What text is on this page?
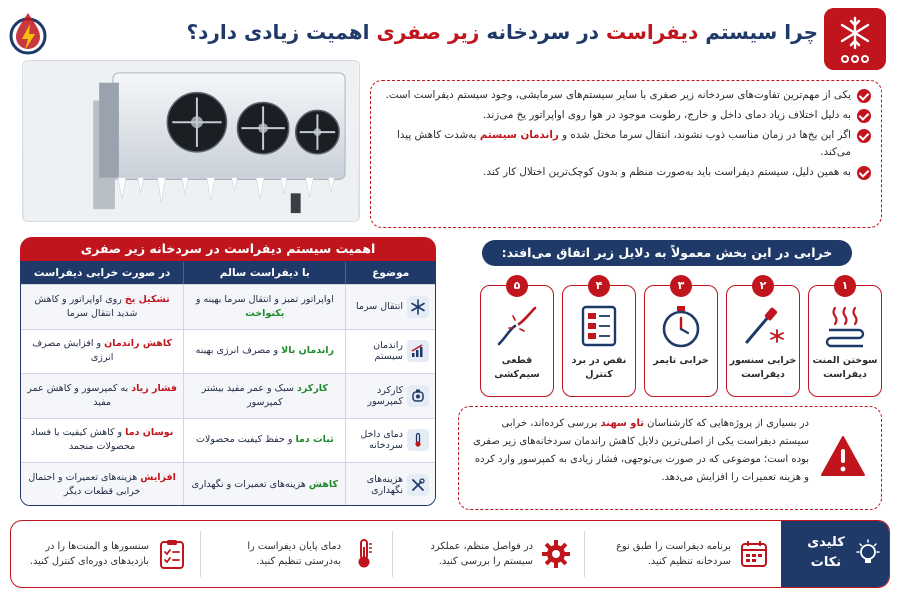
چرا سیستم دیفراست در سردخانه زیر صفری اهمیت زیادی دارد؟
یکی از مهم‌ترین تفاوت‌های سردخانه زیر صفری با سایر سیستم‌های سرمایشی، وجود سیستم دیفراست است.
به دلیل اختلاف زیاد دمای داخل و خارج، رطوبت موجود در هوا روی اواپراتور یخ می‌زند.
اگر این یخ‌ها در زمان مناسب ذوب نشوند، انتقال سرما مختل شده و راندمان سیستم به‌شدت کاهش پیدا می‌کند.
به همین دلیل، سیستم دیفراست باید به‌صورت منظم و بدون کوچک‌ترین اختلال کار کند.
اهمیت سیستم دیفراست در سردخانه زیر صفری
موضوع
با دیفراست سالم
در صورت خرابی دیفراست
انتقال سرما
اواپراتور تمیز و انتقال سرما بهینه و یکنواخت
تشکیل یخ روی اواپراتور و کاهش شدید انتقال سرما
راندمان سیستم
راندمان بالا و مصرف انرژی بهینه
کاهش راندمان و افزایش مصرف انرژی
کارکرد کمپرسور
کارکرد سبک و عمر مفید بیشتر کمپرسور
فشار زیاد به کمپرسور و کاهش عمر مفید
دمای داخل سردخانه
ثبات دما و حفظ کیفیت محصولات
نوسان دما و کاهش کیفیت یا فساد محصولات منجمد
هزینه‌های نگهداری
کاهش هزینه‌های تعمیرات و نگهداری
افزایش هزینه‌های تعمیرات و احتمال خرابی قطعات دیگر
خرابی در این بخش معمولاً به دلایل زیر اتفاق می‌افتد:
۱
سوختن المنت دیفراست
۲
خرابی سنسور دیفراست
۳
خرابی تایمر
۴
نقص در برد کنترل
۵
قطعی سیم‌کشی
در بسیاری از پروژه‌هایی که کارشناسان تاو سهند بررسی کرده‌اند، خرابی سیستم دیفراست یکی از اصلی‌ترین دلایل کاهش راندمان سردخانه‌های زیر صفری بوده است؛ موضوعی که در صورت بی‌توجهی، فشار زیادی به کمپرسور وارد کرده و هزینه تعمیرات را افزایش می‌دهد.
کلیدی نکات
برنامه دیفراست را طبق نوع سردخانه تنظیم کنید.
در فواصل منظم، عملکرد سیستم را بررسی کنید.
دمای پایان دیفراست را به‌درستی تنظیم کنید.
سنسورها و المنت‌ها را در بازدیدهای دوره‌ای کنترل کنید.
